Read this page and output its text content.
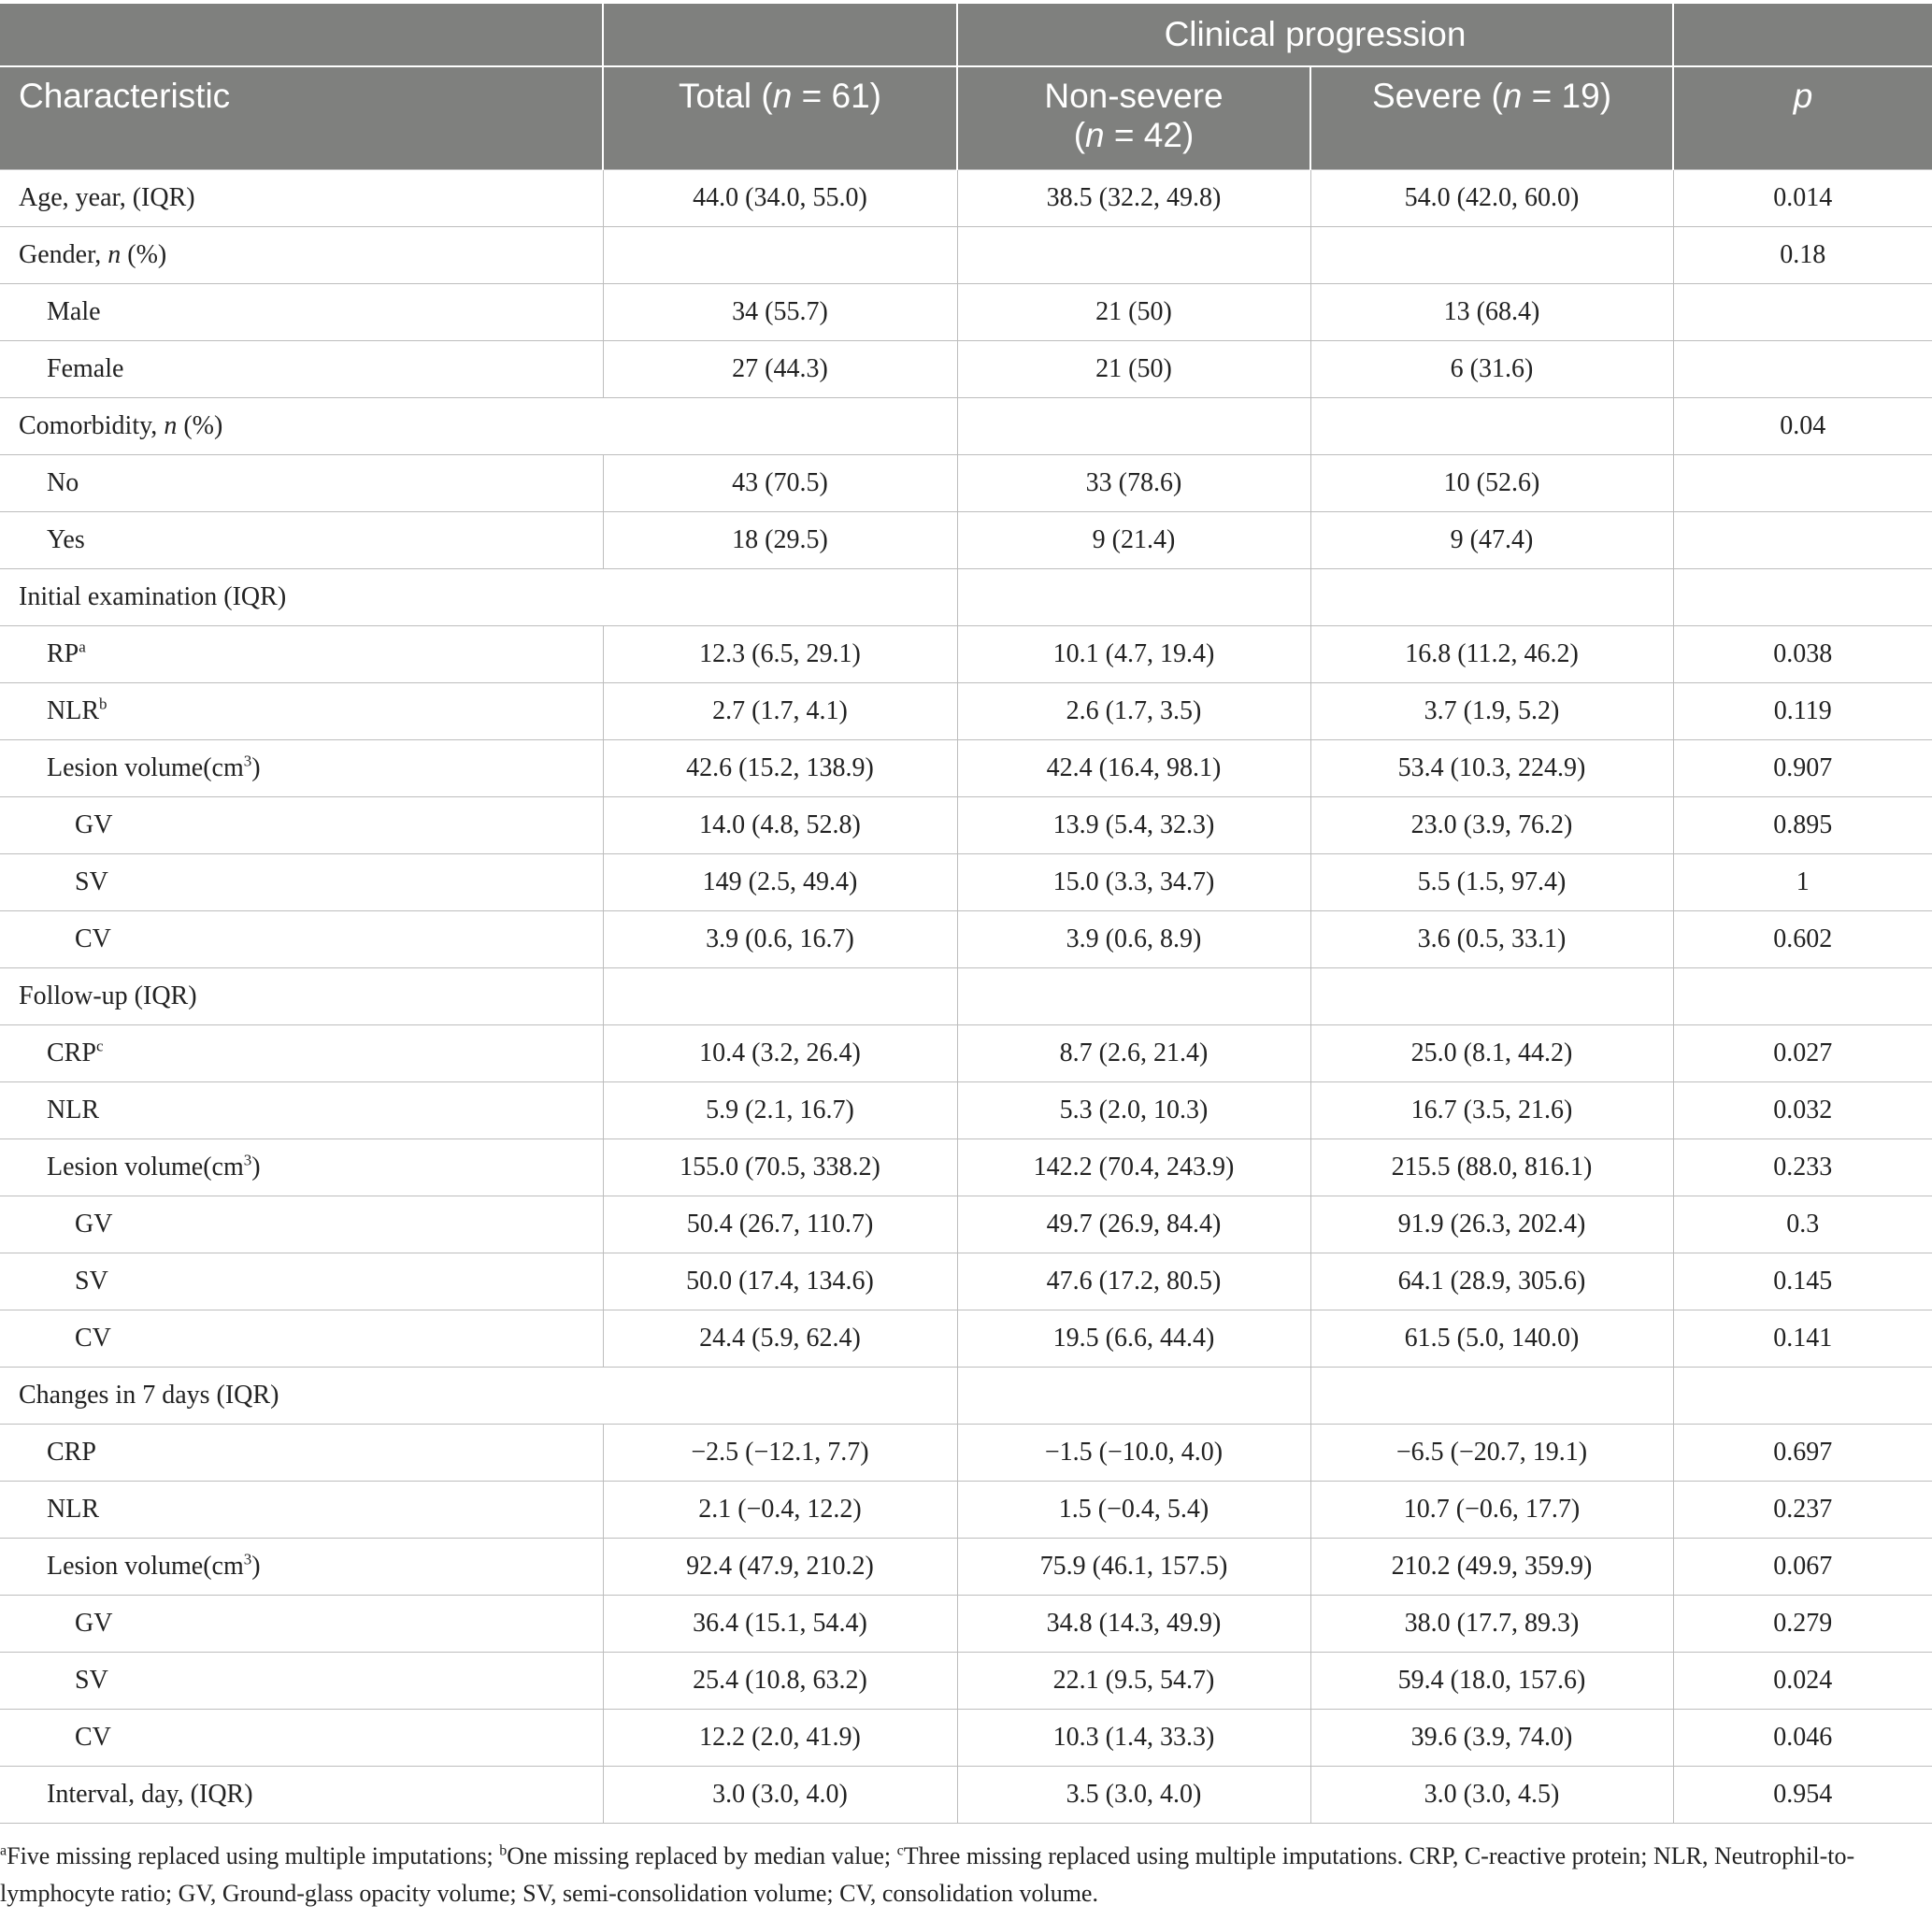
		Clinical progression		
Characteristic	Total (n = 61)	Non-severe
(n = 42)	Severe (n = 19)	p
Age, year, (IQR)	44.0 (34.0, 55.0)	38.5 (32.2, 49.8)	54.0 (42.0, 60.0)	0.014
Gender, n (%)				0.18
Male	34 (55.7)	21 (50)	13 (68.4)	
Female	27 (44.3)	21 (50)	6 (31.6)	
Comorbidity, n (%)				0.04
No	43 (70.5)	33 (78.6)	10 (52.6)	
Yes	18 (29.5)	9 (21.4)	9 (47.4)	
Initial examination (IQR)				
$RP^a$	12.3 (6.5, 29.1)	10.1 (4.7, 19.4)	16.8 (11.2, 46.2)	0.038
NLR$^b$	2.7 (1.7, 4.1)	2.6 (1.7, 3.5)	3.7 (1.9, 5.2)	0.119
Lesion $volume(cm^3)$	42.6 (15.2, 138.9)	42.4 (16.4, 98.1)	53.4 (10.3, 224.9)	0.907
GV	14.0 (4.8, 52.8)	13.9 (5.4, 32.3)	23.0 (3.9, 76.2)	0.895
SV	149 (2.5, 49.4)	15.0 (3.3, 34.7)	5.5 (1.5, 97.4)	1
CV	3.9 (0.6, 16.7)	3.9 (0.6, 8.9)	3.6 (0.5, 33.1)	0.602
Follow-up (IQR)				
CRP$^c$	10.4 (3.2, 26.4)	8.7 (2.6, 21.4)	25.0 (8.1, 44.2)	0.027
NLR	5.9 (2.1, 16.7)	5.3 (2.0, 10.3)	16.7 (3.5, 21.6)	0.032
Lesion $volume(cm^3)$	155.0 (70.5, 338.2)	142.2 (70.4, 243.9)	215.5 (88.0, 816.1)	0.233
GV	50.4 (26.7, 110.7)	49.7 (26.9, 84.4)	91.9 (26.3, 202.4)	0.3
SV	50.0 (17.4, 134.6)	47.6 (17.2, 80.5)	64.1 (28.9, 305.6)	0.145
CV	24.4 (5.9, 62.4)	19.5 (6.6, 44.4)	61.5 (5.0, 140.0)	0.141
Changes in 7 days (IQR)				
CRP	−2.5 (−12.1, 7.7)	−1.5 (−10.0, 4.0)	−6.5 (−20.7, 19.1)	0.697
NLR	2.1 (−0.4, 12.2)	1.5 (−0.4, 5.4)	10.7 (−0.6, 17.7)	0.237
Lesion $volume(cm^3)$	92.4 (47.9, 210.2)	75.9 (46.1, 157.5)	210.2 (49.9, 359.9)	0.067
GV	36.4 (15.1, 54.4)	34.8 (14.3, 49.9)	38.0 (17.7, 89.3)	0.279
SV	25.4 (10.8, 63.2)	22.1 (9.5, 54.7)	59.4 (18.0, 157.6)	0.024
CV	12.2 (2.0, 41.9)	10.3 (1.4, 33.3)	39.6 (3.9, 74.0)	0.046
Interval, day, (IQR)	3.0 (3.0, 4.0)	3.5 (3.0, 4.0)	3.0 (3.0, 4.5)	0.954
$^a$Five missing replaced using multiple imputations; $^b$One missing replaced by median value; $^c$Three missing replaced using multiple imputations. CRP, C-reactive protein; NLR, Neutrophil-to-lymphocyte ratio; GV, Ground-glass opacity volume; SV, semi-consolidation volume; CV, consolidation volume.
